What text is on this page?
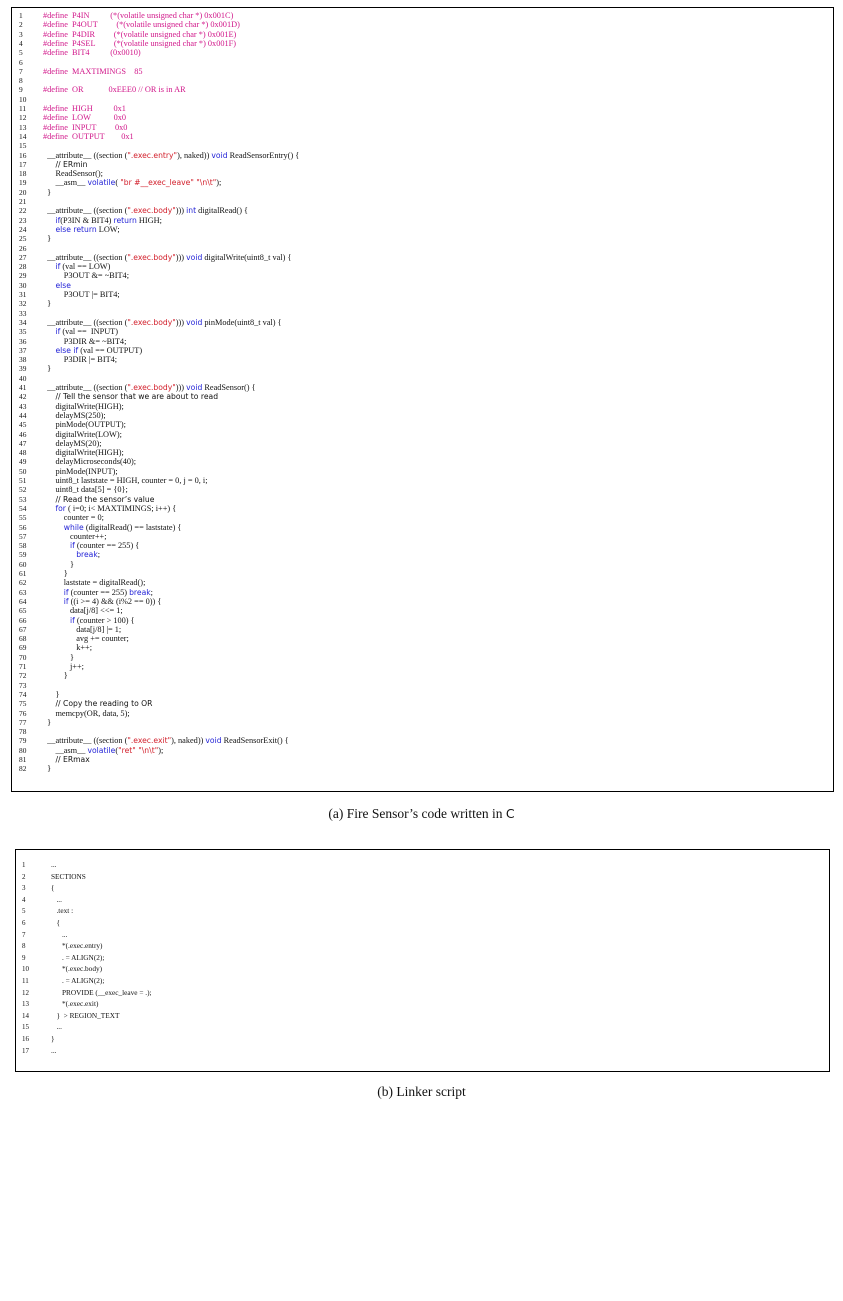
1	#define  P4IN          (*(volatile unsigned char *) 0x001C)
2	#define  P4OUT         (*(volatile unsigned char *) 0x001D)
3	#define  P4DIR         (*(volatile unsigned char *) 0x001E)
4	#define  P4SEL         (*(volatile unsigned char *) 0x001F)
5	#define  BIT4          (0x0010)
6
7	#define  MAXTIMINGS    85
8
9	#define  OR            0xEEE0 // OR is in AR
10
11	#define  HIGH          0x1
12	#define  LOW           0x0
13	#define  INPUT         0x0
14	#define  OUTPUT        0x1
15
16	__attribute__ ((section (".exec.entry"), naked)) void ReadSensorEntry() {
17	// ERmin
18	ReadSensor();
19	__asm__ volatile( "br #__exec_leave" "\n\t");
20	}
21
22	__attribute__ ((section (".exec.body"))) int digitalRead() {
23	if(P3IN & BIT4) return HIGH;
24	else return LOW;
25	}
26
27	__attribute__ ((section (".exec.body"))) void digitalWrite(uint8_t val) {
28	if (val == LOW)
29	P3OUT &= ~BIT4;
30	else
31	P3OUT |= BIT4;
32	}
33
34	__attribute__ ((section (".exec.body"))) void pinMode(uint8_t val) {
35	if (val ==  INPUT)
36	P3DIR &= ~BIT4;
37	else if (val == OUTPUT)
38	P3DIR |= BIT4;
39	}
40
41	__attribute__ ((section (".exec.body"))) void ReadSensor() {
42	// Tell the sensor that we are about to read
43	digitalWrite(HIGH);
44	delayMS(250);
45	pinMode(OUTPUT);
46	digitalWrite(LOW);
47	delayMS(20);
48	digitalWrite(HIGH);
49	delayMicroseconds(40);
50	pinMode(INPUT);
51	uint8_t laststate = HIGH, counter = 0, j = 0, i;
52	uint8_t data[5] = {0};
53	// Read the sensor’s value
54	for ( i=0; i< MAXTIMINGS; i++) {
55	counter = 0;
56	while (digitalRead() == laststate) {
57	counter++;
58	if (counter == 255) {
59	break;
60	}
61	}
62	laststate = digitalRead();
63	if (counter == 255) break;
64	if ((i >= 4) && (i%2 == 0)) {
65	data[j/8] <<= 1;
66	if (counter > 100) {
67	data[j/8] |= 1;
68	avg += counter;
69	k++;
70	}
71	j++;
72	}
73
74	}
75	// Copy the reading to OR
76	memcpy(OR, data, 5);
77	}
78
79	__attribute__ ((section (".exec.exit"), naked)) void ReadSensorExit() {
80	__asm__ volatile("ret" "\n\t");
81	// ERmax
82	}
(a) Fire Sensor’s code written in C
1	...
2	SECTIONS
3	{
4	...
5	.text :
6	{
7	...
8	*(.exec.entry)
9	. = ALIGN(2);
10	*(.exec.body)
11	. = ALIGN(2);
12	PROVIDE (__exec_leave = .);
13	*(.exec.exit)
14	}  > REGION_TEXT
15	...
16	}
17	...
(b) Linker script
